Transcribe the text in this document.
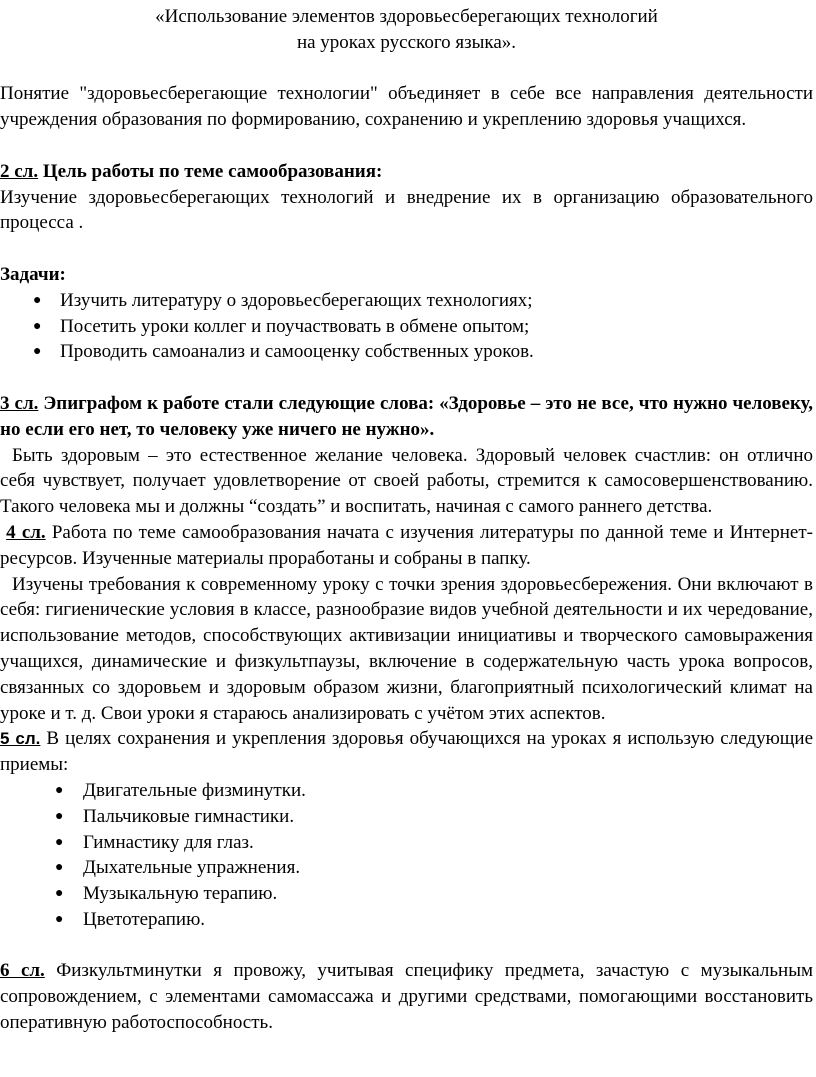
«Использование элементов здоровьесберегающих технологий

на уроках русского языка».

Понятие "здоровьесберегающие технологии" объединяет в себе все направления деятельности учреждения образования по формированию, сохранению и укреплению здоровья учащихся.

2 сл. Цель работы по теме самообразования:

Изучение здоровьесберегающих технологий и внедрение их в организацию образовательного процесса .

Задачи:

● Изучить литературу о здоровьесберегающих технологиях;
● Посетить уроки коллег и поучаствовать в обмене опытом;
● Проводить самоанализ и самооценку собственных уроков.

3 сл. Эпиграфом к работе стали следующие слова: «Здоровье – это не все, что нужно человеку, но если его нет, то человеку уже ничего не нужно».

Быть здоровым – это естественное желание человека. Здоровый человек счастлив: он отлично себя чувствует, получает удовлетворение от своей работы, стремится к самосовершенствованию. Такого человека мы и должны “создать” и воспитать, начиная с самого раннего детства.

4 сл. Работа по теме самообразования начата с изучения литературы по данной теме и Интернет-ресурсов. Изученные материалы проработаны и собраны в папку.

Изучены требования к современному уроку с точки зрения здоровьесбережения. Они включают в себя: гигиенические условия в классе, разнообразие видов учебной деятельности и их чередование, использование методов, способствующих активизации инициативы и творческого самовыражения учащихся, динамические и физкультпаузы, включение в содержательную часть урока вопросов, связанных со здоровьем и здоровым образом жизни, благоприятный психологический климат на уроке и т. д. Свои уроки я стараюсь анализировать с учётом этих аспектов.

5 сл. В целях сохранения и укрепления здоровья обучающихся на уроках я использую следующие приемы:

● Двигательные физминутки.
● Пальчиковые гимнастики.
● Гимнастику для глаз.
● Дыхательные упражнения.
● Музыкальную терапию.
● Цветотерапию.

6 сл. Физкультминутки я провожу, учитывая специфику предмета, зачастую с музыкальным сопровождением, с элементами самомассажа и другими средствами, помогающими восстановить оперативную работоспособность.
